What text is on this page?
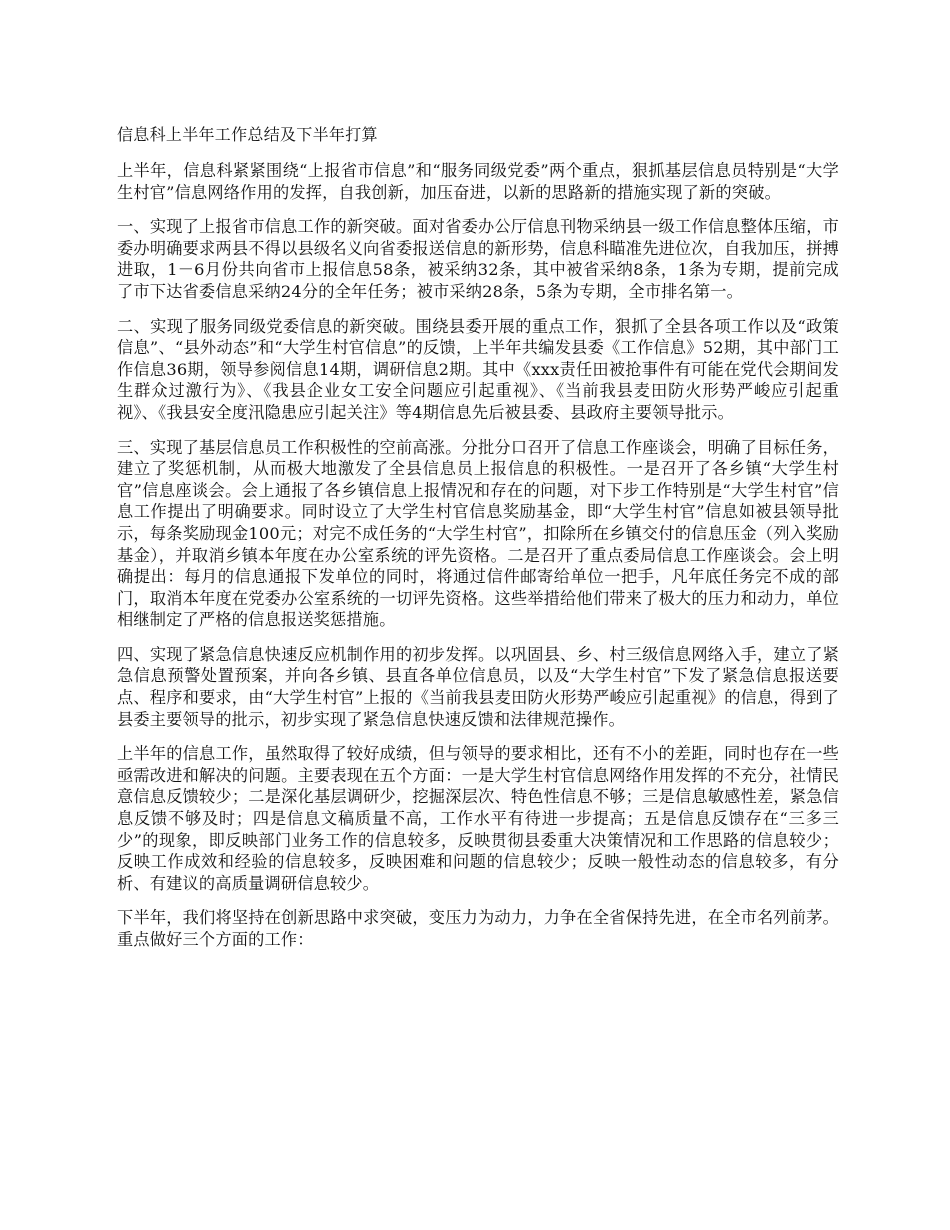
信息科上半年工作总结及下半年打算

上半年，信息科紧紧围绕“上报省市信息”和“服务同级党委”两个重点，狠抓基层信息员特别是“大学生村官”信息网络作用的发挥，自我创新，加压奋进，以新的思路新的措施实现了新的突破。

一、实现了上报省市信息工作的新突破。面对省委办公厅信息刊物采纳县一级工作信息整体压缩，市委办明确要求两县不得以县级名义向省委报送信息的新形势，信息科瞄准先进位次，自我加压，拼搏进取，1－6月份共向省市上报信息58条，被采纳32条，其中被省采纳8条，1条为专期，提前完成了市下达省委信息采纳24分的全年任务；被市采纳28条，5条为专期，全市排名第一。

二、实现了服务同级党委信息的新突破。围绕县委开展的重点工作，狠抓了全县各项工作以及“政策信息”、“县外动态”和“大学生村官信息”的反馈，上半年共编发县委《工作信息》52期，其中部门工作信息36期，领导参阅信息14期，调研信息2期。其中《xxx责任田被抢事件有可能在党代会期间发生群众过激行为》、《我县企业女工安全问题应引起重视》、《当前我县麦田防火形势严峻应引起重视》、《我县安全度汛隐患应引起关注》等4期信息先后被县委、县政府主要领导批示。

三、实现了基层信息员工作积极性的空前高涨。分批分口召开了信息工作座谈会，明确了目标任务，建立了奖惩机制，从而极大地激发了全县信息员上报信息的积极性。一是召开了各乡镇“大学生村官”信息座谈会。会上通报了各乡镇信息上报情况和存在的问题，对下步工作特别是“大学生村官”信息工作提出了明确要求。同时设立了大学生村官信息奖励基金，即“大学生村官”信息如被县领导批示，每条奖励现金100元；对完不成任务的“大学生村官”，扣除所在乡镇交付的信息压金（列入奖励基金），并取消乡镇本年度在办公室系统的评先资格。二是召开了重点委局信息工作座谈会。会上明确提出：每月的信息通报下发单位的同时，将通过信件邮寄给单位一把手，凡年底任务完不成的部门，取消本年度在党委办公室系统的一切评先资格。这些举措给他们带来了极大的压力和动力，单位相继制定了严格的信息报送奖惩措施。

四、实现了紧急信息快速反应机制作用的初步发挥。以巩固县、乡、村三级信息网络入手，建立了紧急信息预警处置预案，并向各乡镇、县直各单位信息员，以及“大学生村官”下发了紧急信息报送要点、程序和要求，由“大学生村官”上报的《当前我县麦田防火形势严峻应引起重视》的信息，得到了县委主要领导的批示，初步实现了紧急信息快速反馈和法律规范操作。

上半年的信息工作，虽然取得了较好成绩，但与领导的要求相比，还有不小的差距，同时也存在一些亟需改进和解决的问题。主要表现在五个方面：一是大学生村官信息网络作用发挥的不充分，社情民意信息反馈较少；二是深化基层调研少，挖掘深层次、特色性信息不够；三是信息敏感性差，紧急信息反馈不够及时；四是信息文稿质量不高，工作水平有待进一步提高；五是信息反馈存在“三多三少”的现象，即反映部门业务工作的信息较多，反映贯彻县委重大决策情况和工作思路的信息较少；反映工作成效和经验的信息较多，反映困难和问题的信息较少；反映一般性动态的信息较多，有分析、有建议的高质量调研信息较少。

下半年，我们将坚持在创新思路中求突破，变压力为动力，力争在全省保持先进，在全市名列前茅。重点做好三个方面的工作：
